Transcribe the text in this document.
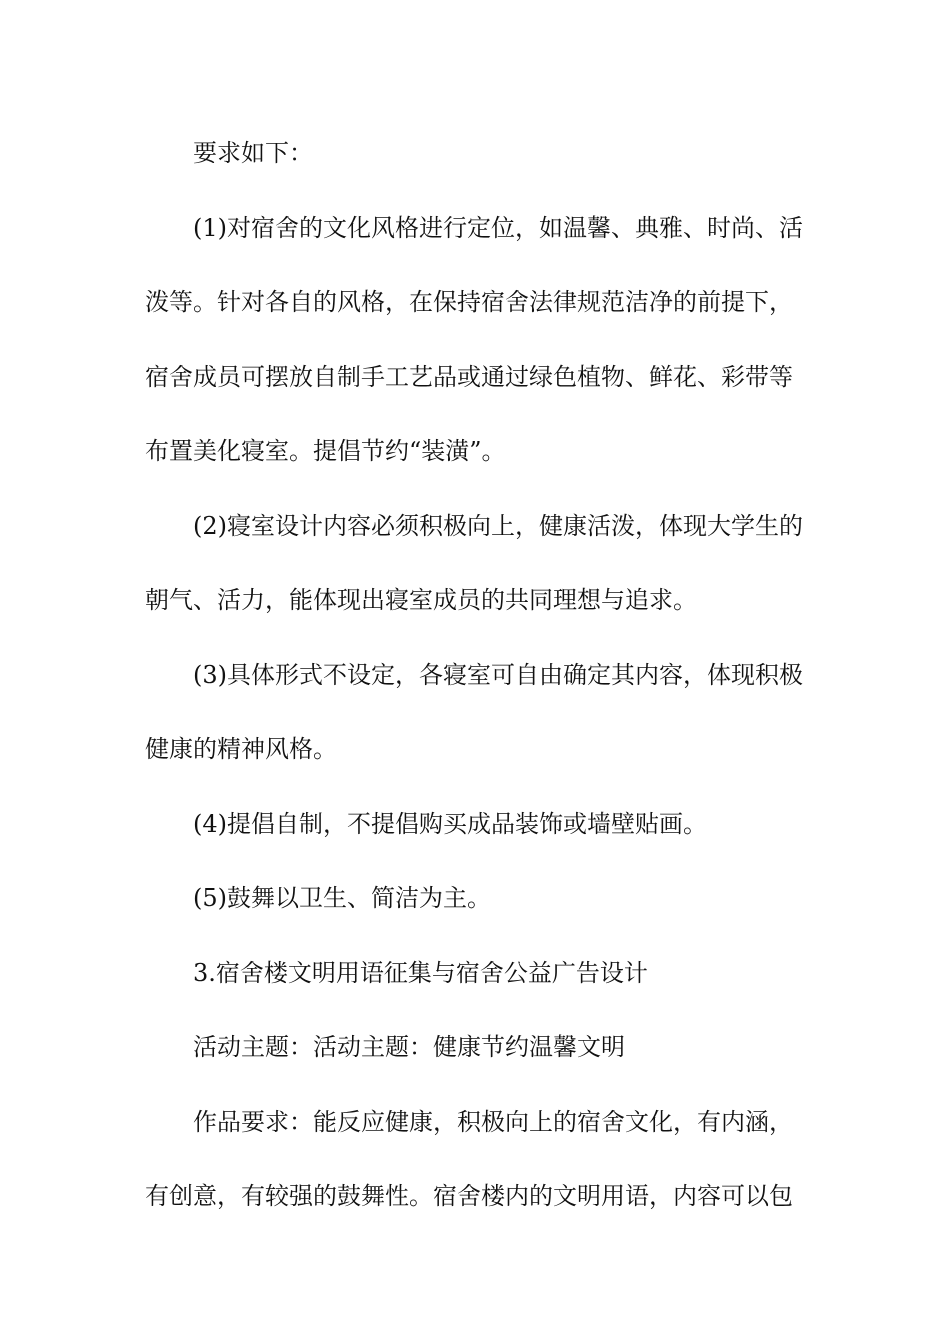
要求如下：
(1)对宿舍的文化风格进行定位，如温馨、典雅、时尚、活
泼等。针对各自的风格，在保持宿舍法律规范洁净的前提下，
宿舍成员可摆放自制手工艺品或通过绿色植物、鲜花、彩带等
布置美化寝室。提倡节约“装潢”。
(2)寝室设计内容必须积极向上，健康活泼，体现大学生的
朝气、活力，能体现出寝室成员的共同理想与追求。
(3)具体形式不设定，各寝室可自由确定其内容，体现积极
健康的精神风格。
(4)提倡自制，不提倡购买成品装饰或墙壁贴画。
(5)鼓舞以卫生、简洁为主。
3.宿舍楼文明用语征集与宿舍公益广告设计
活动主题：活动主题：健康节约温馨文明
作品要求：能反应健康，积极向上的宿舍文化，有内涵，
有创意，有较强的鼓舞性。宿舍楼内的文明用语，内容可以包
